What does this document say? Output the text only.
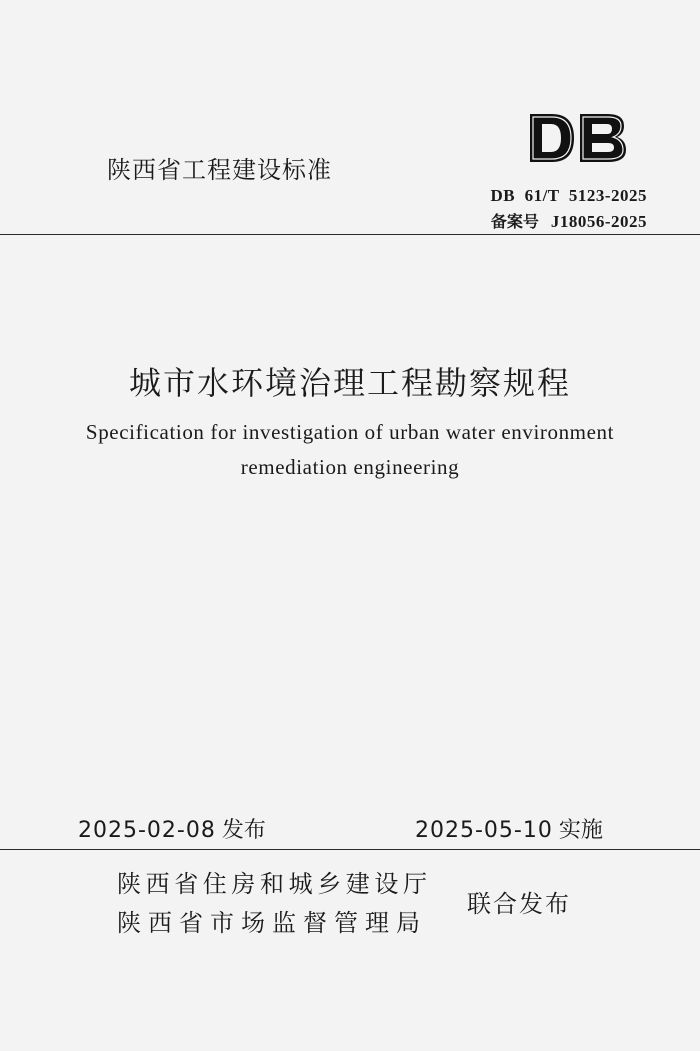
陕西省工程建设标准
DB  61/T  5123-2025
备案号 J18056-2025
城市水环境治理工程勘察规程
Specification for investigation of urban water environment
remediation engineering
2025-02-08 发布	2025-05-10 实施
陕西省住房和城乡建设厅
陕西省市场监督管理局
联合发布
